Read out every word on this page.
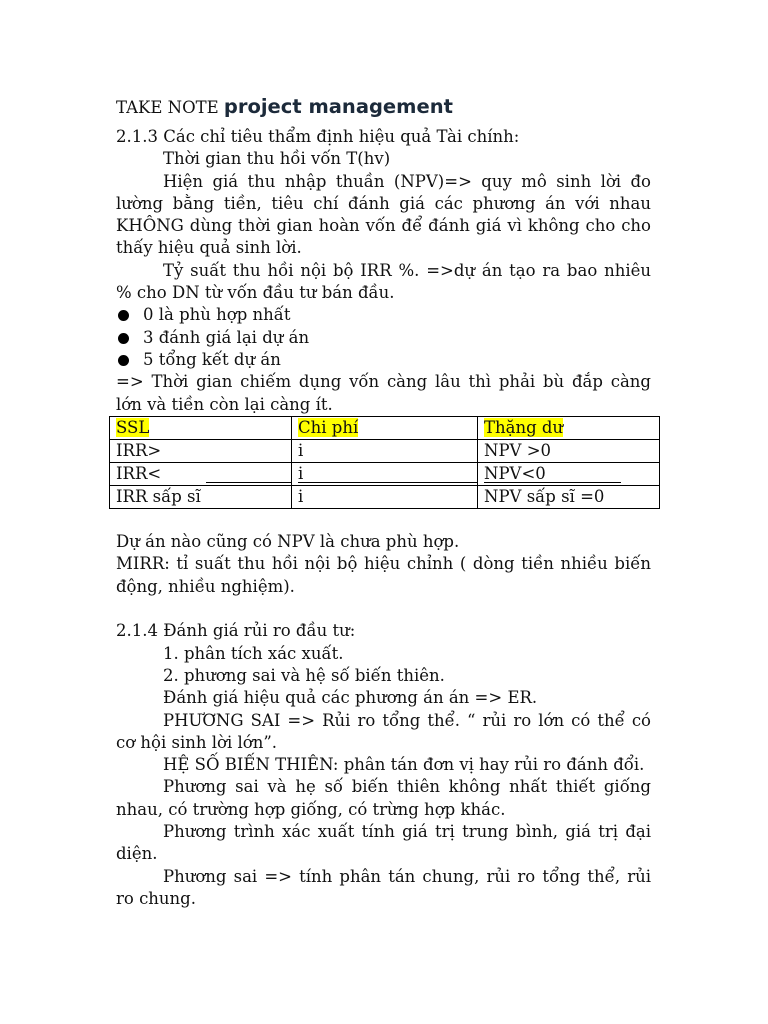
TAKE NOTE project management

2.1.3 Các chỉ tiêu thẩm định hiệu quả Tài chính:

Thời gian thu hồi vốn T(hv)

Hiện giá thu nhập thuần (NPV)=> quy mô sinh lời đo lường bằng tiền, tiêu chí đánh giá các phương án với nhau KHÔNG dùng thời gian hoàn vốn để đánh giá vì không cho cho thấy hiệu quả sinh lời.

Tỷ suất thu hồi nội bộ IRR %. =>dự án tạo ra bao nhiêu % cho DN từ vốn đầu tư bán đầu.

0 là phù hợp nhất
3 đánh giá lại dự án
5 tổng kết dự án

=> Thời gian chiếm dụng vốn càng lâu thì phải bù đắp càng lớn và tiền còn lại càng ít.

SSL	Chi phí	Thặng dư
IRR>	i	NPV >0
IRR<	i	NPV<0

IRR sấp sĩ	i	NPV sấp sĩ =0

Dự án nào cũng có NPV là chưa phù hợp.

MIRR: tỉ suất thu hồi nội bộ hiệu chỉnh ( dòng tiền nhiều biến động, nhiều nghiệm).

2.1.4 Đánh giá rủi ro đầu tư:

1. phân tích xác xuất.

2. phương sai và hệ số biến thiên.

Đánh giá hiệu quả các phương án án => ER.

PHƯƠNG SAI => Rủi ro tổng thể. “ rủi ro lớn có thể có cơ hội sinh lời lớn”.

HỆ SỐ BIẾN THIÊN: phân tán đơn vị hay rủi ro đánh đổi.

Phương sai và hẹ số biến thiên không nhất thiết giống nhau, có trường hợp giống, có trừng hợp khác.

Phương trình xác xuất tính giá trị trung bình, giá trị đại diện.

Phương sai => tính phân tán chung, rủi ro tổng thể, rủi ro chung.
